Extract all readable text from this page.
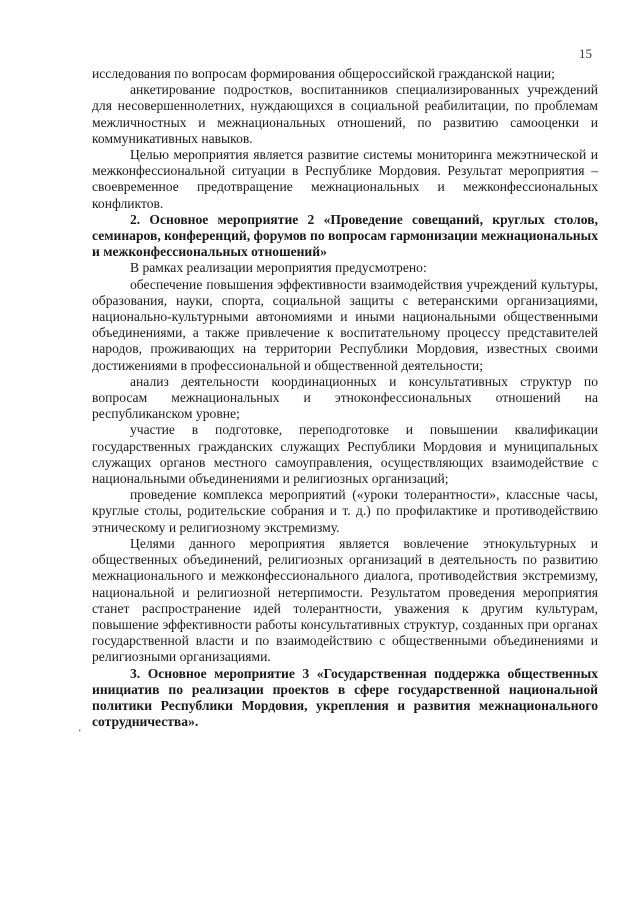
15

исследования по вопросам формирования общероссийской гражданской нации;

анкетирование подростков, воспитанников специализированных учреждений для несовершеннолетних, нуждающихся в социальной реабилитации, по проблемам межличностных и межнациональных отношений, по развитию самооценки и коммуникативных навыков.

Целью мероприятия является развитие системы мониторинга межэтнической и межконфессиональной ситуации в Республике Мордовия. Результат мероприятия – своевременное предотвращение межнациональных и межконфессиональных конфликтов.

2. Основное мероприятие 2 «Проведение совещаний, круглых столов, семинаров, конференций, форумов по вопросам гармонизации межнациональных и межконфессиональных отношений»

В рамках реализации мероприятия предусмотрено:

обеспечение повышения эффективности взаимодействия учреждений культуры, образования, науки, спорта, социальной защиты с ветеранскими организациями, национально-культурными автономиями и иными национальными общественными объединениями, а также привлечение к воспитательному процессу представителей народов, проживающих на территории Республики Мордовия, известных своими достижениями в профессиональной и общественной деятельности;

анализ деятельности координационных и консультативных структур по вопросам межнациональных и этноконфессиональных отношений на республиканском уровне;

участие в подготовке, переподготовке и повышении квалификации государственных гражданских служащих Республики Мордовия и муниципальных служащих органов местного самоуправления, осуществляющих взаимодействие с национальными объединениями и религиозных организаций;

проведение комплекса мероприятий («уроки толерантности», классные часы, круглые столы, родительские собрания и т. д.) по профилактике и противодействию этническому и религиозному экстремизму.

Целями данного мероприятия является вовлечение этнокультурных и общественных объединений, религиозных организаций в деятельность по развитию межнационального и межконфессионального диалога, противодействия экстремизму, национальной и религиозной нетерпимости. Результатом проведения мероприятия станет распространение идей толерантности, уважения к другим культурам, повышение эффективности работы консультативных структур, созданных при органах государственной власти и по взаимодействию с общественными объединениями и религиозными организациями.

3. Основное мероприятие 3 «Государственная поддержка общественных инициатив по реализации проектов в сфере государственной национальной политики Республики Мордовия, укрепления и развития межнационального сотрудничества».

ʻ
